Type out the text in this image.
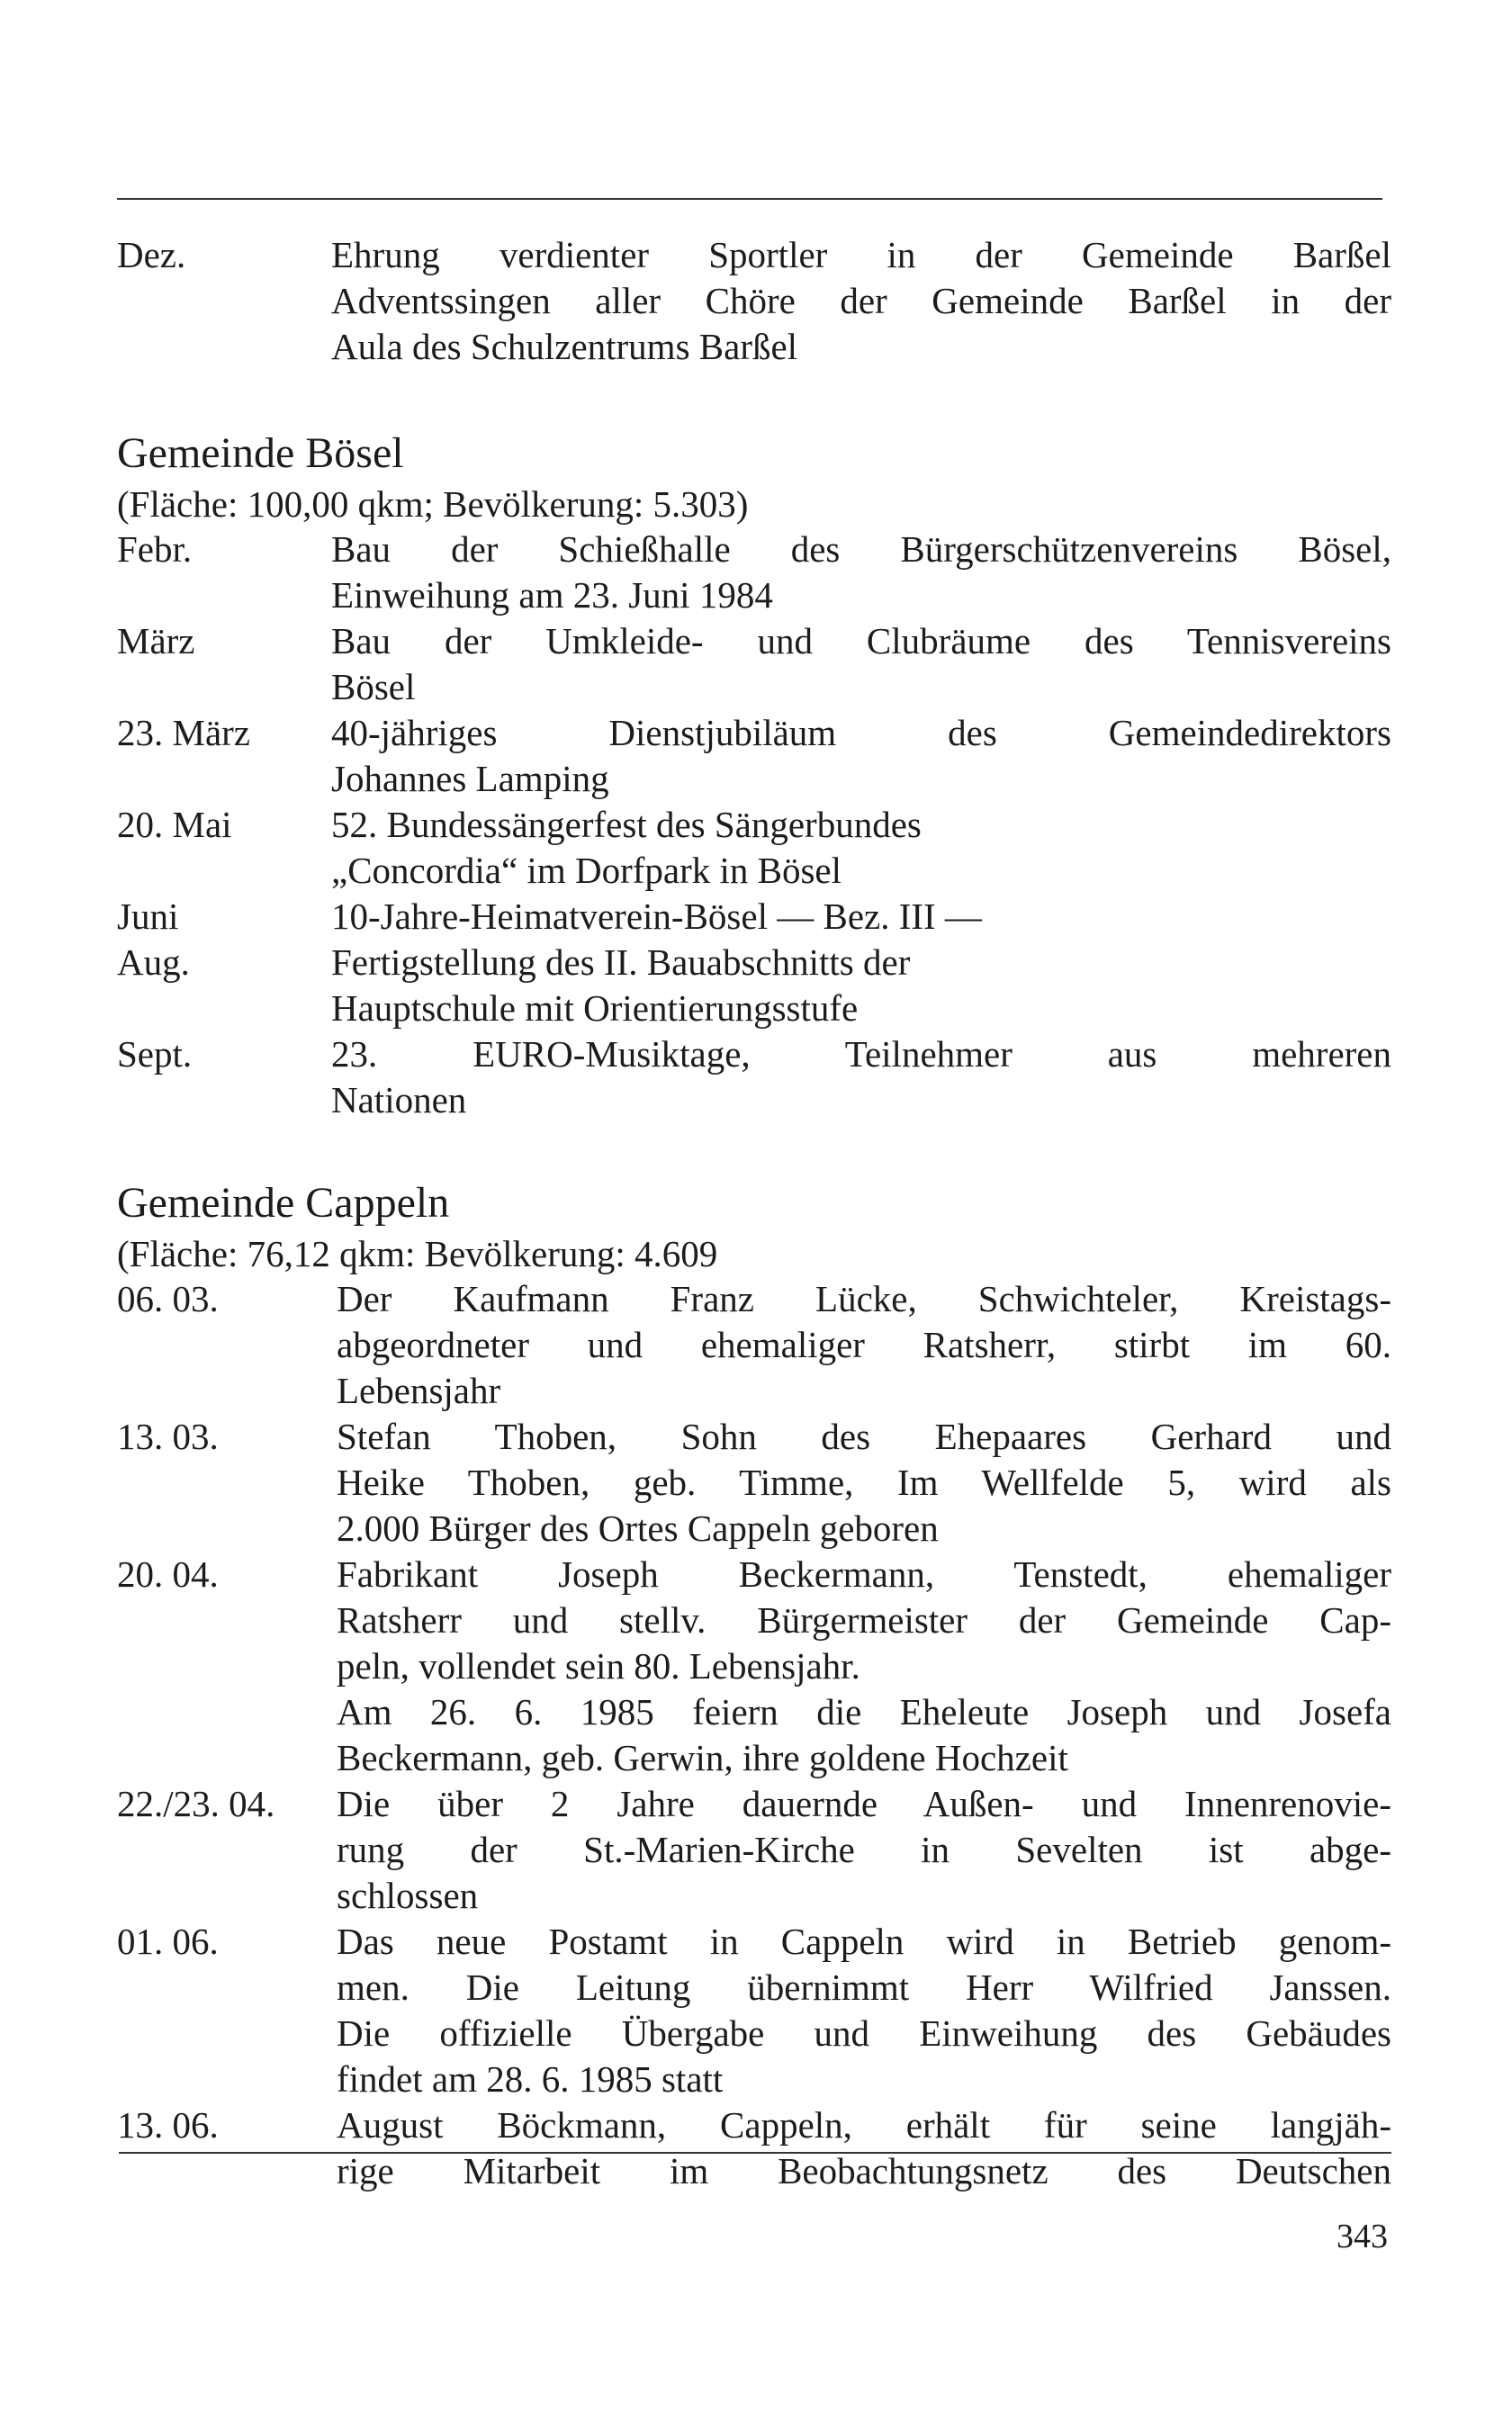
Dez.	Ehrung verdienter Sportler in der Gemeinde Barßel
Adventssingen aller Chöre der Gemeinde Barßel in der
Aula des Schulzentrums Barßel
Gemeinde Bösel
(Fläche: 100,00 qkm; Bevölkerung: 5.303)
Febr.	Bau der Schießhalle des Bürgerschützenvereins Bösel,
Einweihung am 23. Juni 1984
März	Bau der Umkleide- und Clubräume des Tennisvereins
Bösel
23. März	40-jähriges Dienstjubiläum des Gemeindedirektors
Johannes Lamping
20. Mai	52. Bundessängerfest des Sängerbundes
„Concordia“ im Dorfpark in Bösel
Juni	10-Jahre-Heimatverein-Bösel — Bez. III —
Aug.	Fertigstellung des II. Bauabschnitts der
Hauptschule mit Orientierungsstufe
Sept.	23. EURO-Musiktage, Teilnehmer aus mehreren
Nationen
Gemeinde Cappeln
(Fläche: 76,12 qkm: Bevölkerung: 4.609
06. 03.	Der Kaufmann Franz Lücke, Schwichteler, Kreistags-
abgeordneter und ehemaliger Ratsherr, stirbt im 60.
Lebensjahr
13. 03.	Stefan Thoben, Sohn des Ehepaares Gerhard und
Heike Thoben, geb. Timme, Im Wellfelde 5, wird als
2.000 Bürger des Ortes Cappeln geboren
20. 04.	Fabrikant Joseph Beckermann, Tenstedt, ehemaliger
Ratsherr und stellv. Bürgermeister der Gemeinde Cap-
peln, vollendet sein 80. Lebensjahr.
Am 26. 6. 1985 feiern die Eheleute Joseph und Josefa
Beckermann, geb. Gerwin, ihre goldene Hochzeit
22./23. 04.	Die über 2 Jahre dauernde Außen- und Innenrenovie-
rung der St.-Marien-Kirche in Sevelten ist abge-
schlossen
01. 06.	Das neue Postamt in Cappeln wird in Betrieb genom-
men. Die Leitung übernimmt Herr Wilfried Janssen.
Die offizielle Übergabe und Einweihung des Gebäudes
findet am 28. 6. 1985 statt
13. 06.	August Böckmann, Cappeln, erhält für seine langjäh-
rige Mitarbeit im Beobachtungsnetz des Deutschen
343
